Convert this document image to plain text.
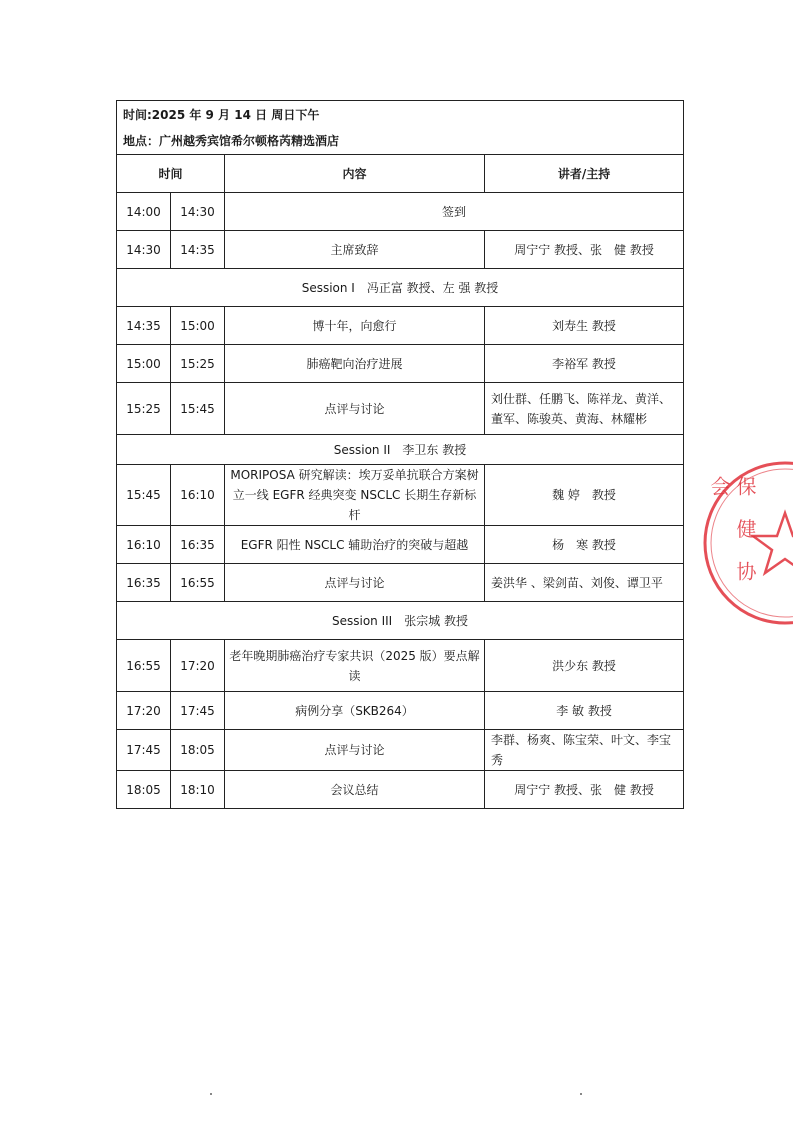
时间:2025 年 9 月 14 日 周日下午			
地点：广州越秀宾馆希尔顿格芮精选酒店			
时间		内容	讲者/主持
14:00	14:30	签到	
14:30	14:35	主席致辞	周宁宁 教授、张　健 教授
Session I　冯正富 教授、左 强 教授			
14:35	15:00	博十年，向愈行	刘寿生 教授
15:00	15:25	肺癌靶向治疗进展	李裕军 教授
15:25	15:45	点评与讨论	刘仕群、任鹏飞、陈祥龙、黄洋、董军、陈骏英、黄海、林耀彬
Session II　李卫东 教授			
15:45	16:10	MORIPOSA 研究解读：埃万妥单抗联合方案树立一线 EGFR 经典突变 NSCLC 长期生存新标杆	魏 婷　教授
16:10	16:35	EGFR 阳性 NSCLC 辅助治疗的突破与超越	杨　寒 教授
16:35	16:55	点评与讨论	姜洪华 、梁剑苗、刘俊、谭卫平
Session III　张宗城 教授			
16:55	17:20	老年晚期肺癌治疗专家共识（2025 版）要点解读	洪少东 教授
17:20	17:45	病例分享（SKB264）	李 敏 教授
17:45	18:05	点评与讨论	李群、杨爽、陈宝荣、叶文、李宝秀
18:05	18:10	会议总结	周宁宁 教授、张　健 教授
保 健 协 会
